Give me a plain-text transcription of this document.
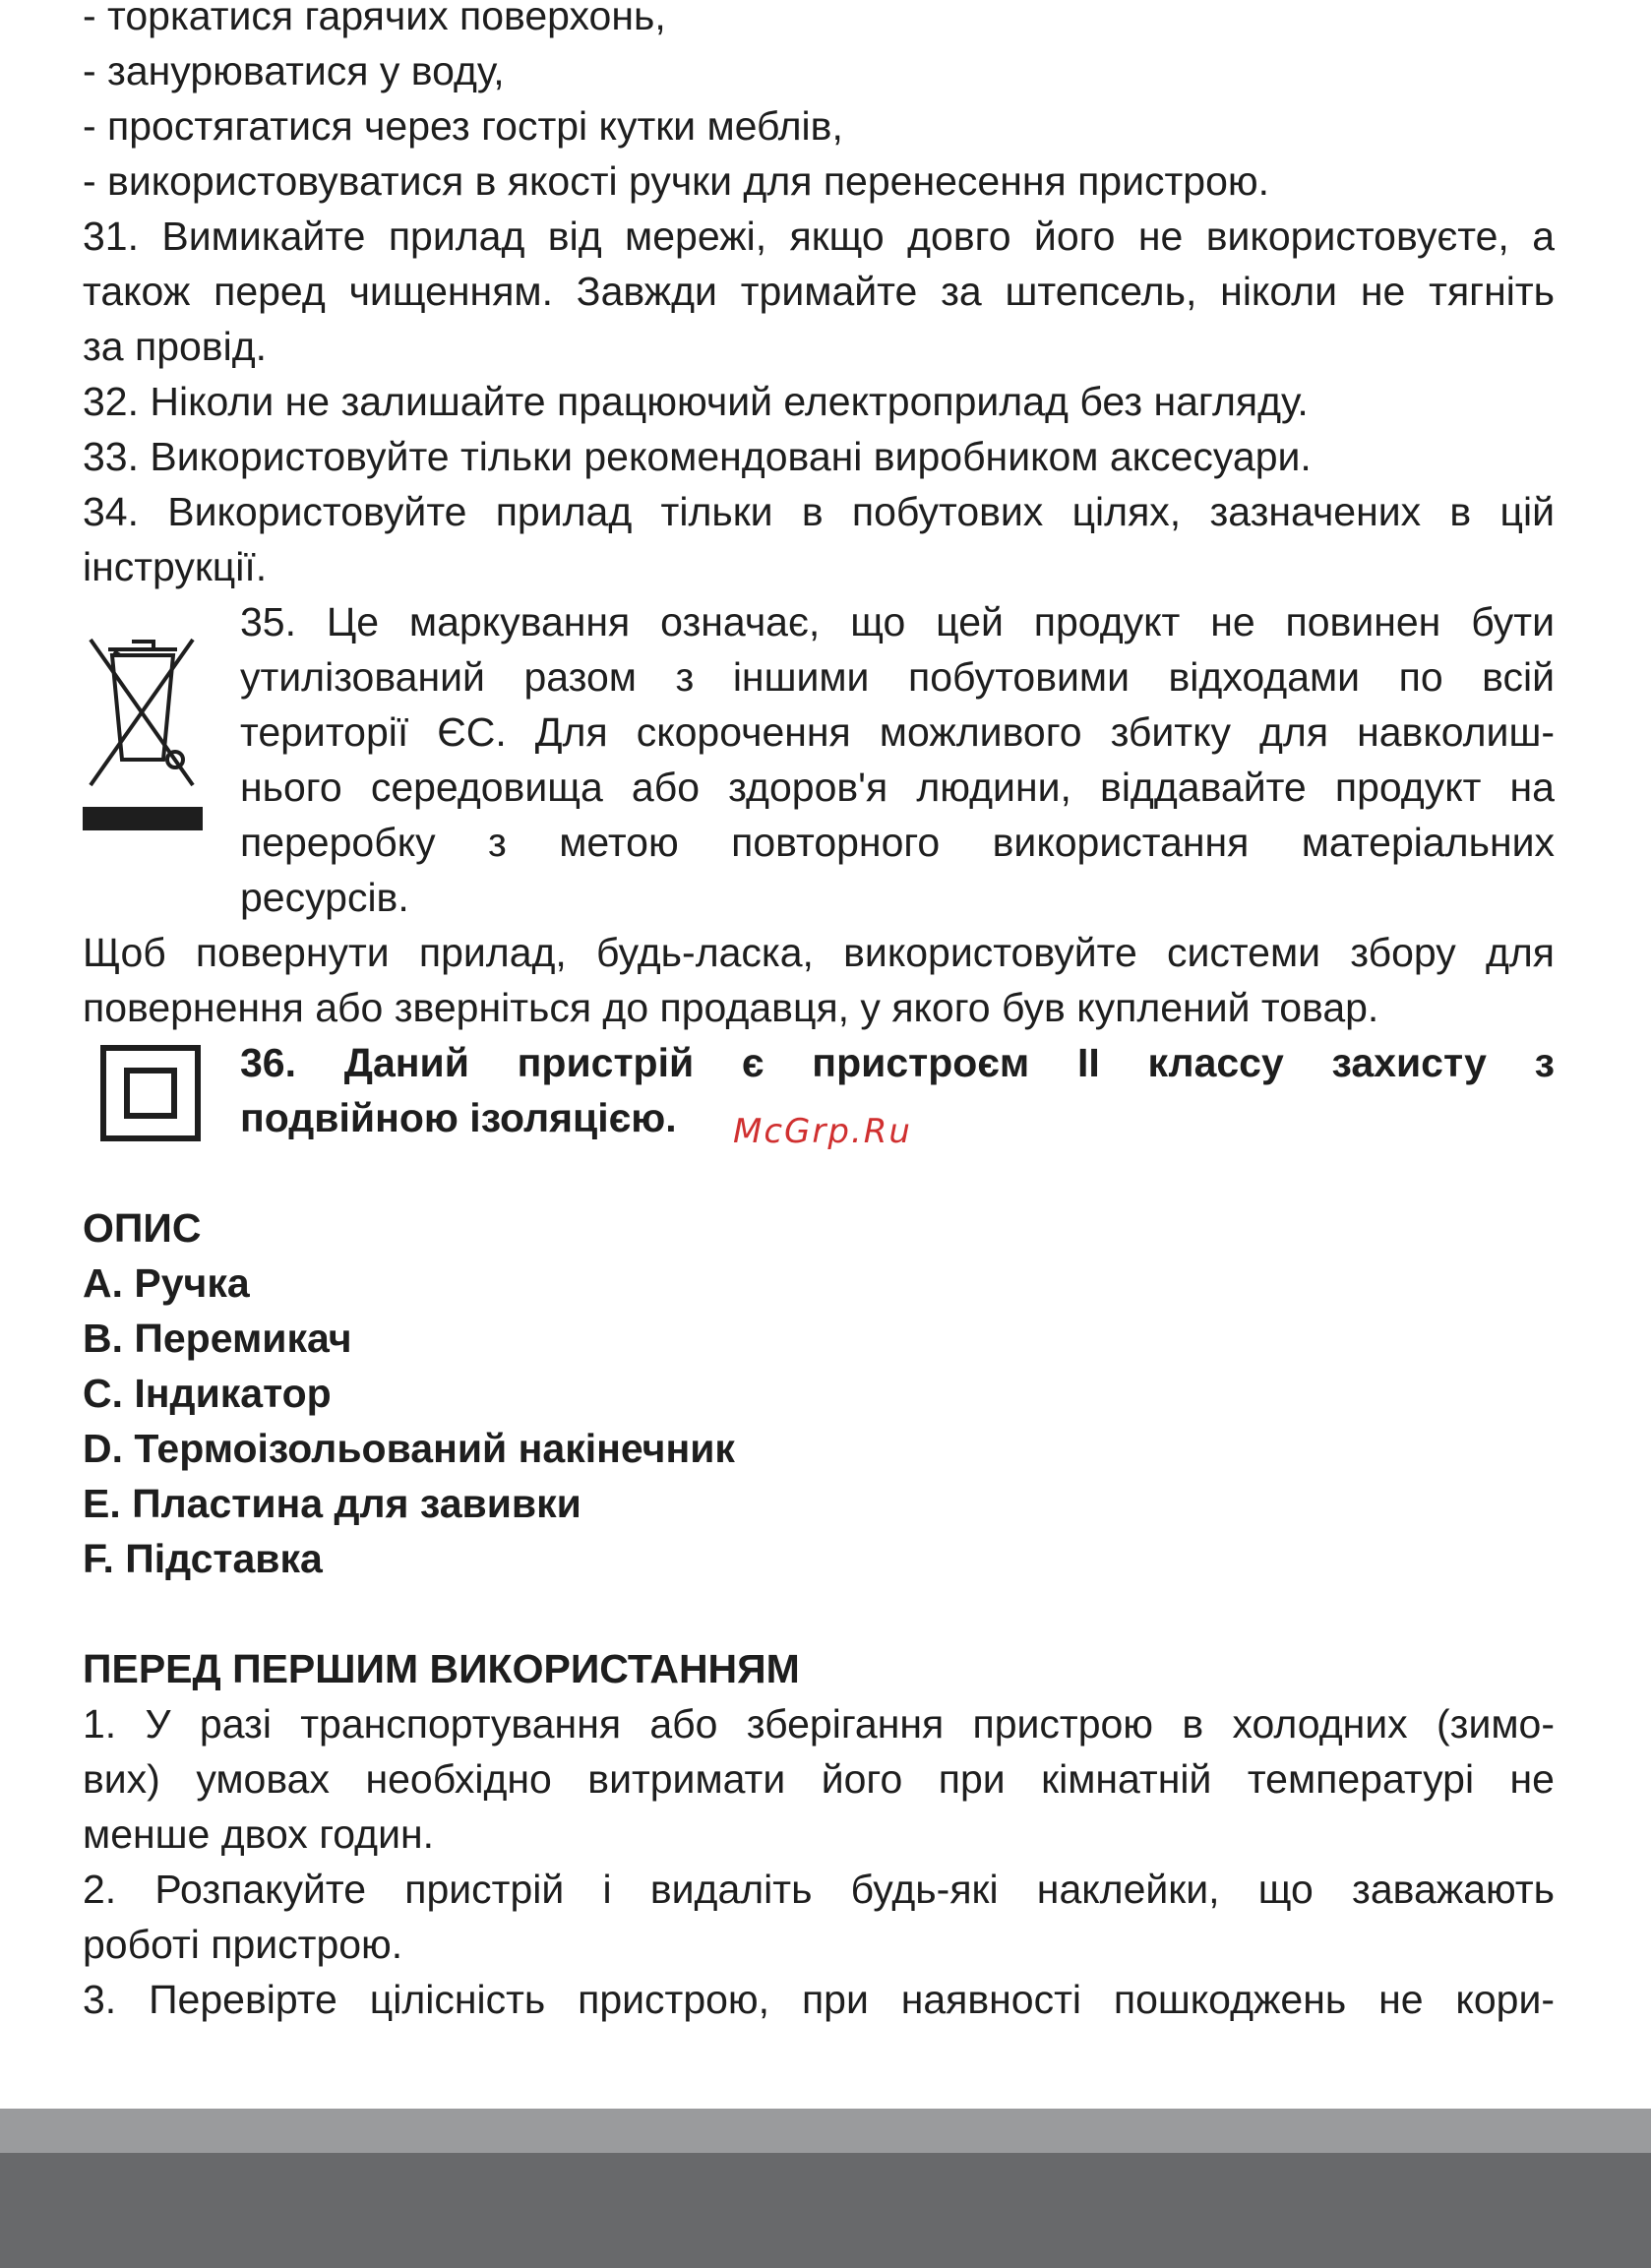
- торкатися гарячих поверхонь,
- занурюватися у воду,
- простягатися через гострі кутки меблів,
- використовуватися в якості ручки для перенесення пристрою.
31. Вимикайте прилад від мережі, якщо довго його не використовуєте, а
також перед чищенням. Завжди тримайте за штепсель, ніколи не тягніть
за провід.
32. Ніколи не залишайте працюючий електроприлад без нагляду.
33. Використовуйте тільки рекомендовані виробником аксесуари.
34. Використовуйте прилад тільки в побутових цілях, зазначених в цій
інструкції.
35. Це маркування означає, що цей продукт не повинен бути
утилізований разом з іншими побутовими відходами по всій
території ЄС. Для скорочення можливого збитку для навколиш-
нього середовища або здоров'я людини, віддавайте продукт на
переробку з метою повторного використання матеріальних
ресурсів.
Щоб повернути прилад, будь-ласка, використовуйте системи збору для
повернення або зверніться до продавця, у якого був куплений товар.
36. Даний пристрій є пристроєм ІІ классу захисту з
подвійною ізоляцією.
ОПИС
A. Ручка
B. Перемикач
C. Індикатор
D. Термоізольований накінечник
E. Пластина для завивки
F. Підставка
ПЕРЕД ПЕРШИМ ВИКОРИСТАННЯМ
1. У разі транспортування або зберігання пристрою в холодних (зимо-
вих) умовах необхідно витримати його при кімнатній температурі не
менше двох годин.
2. Розпакуйте пристрій і видаліть будь-які наклейки, що заважають
роботі пристрою.
3. Перевірте цілісність пристрою, при наявності пошкоджень не кори-
McGrp.Ru
